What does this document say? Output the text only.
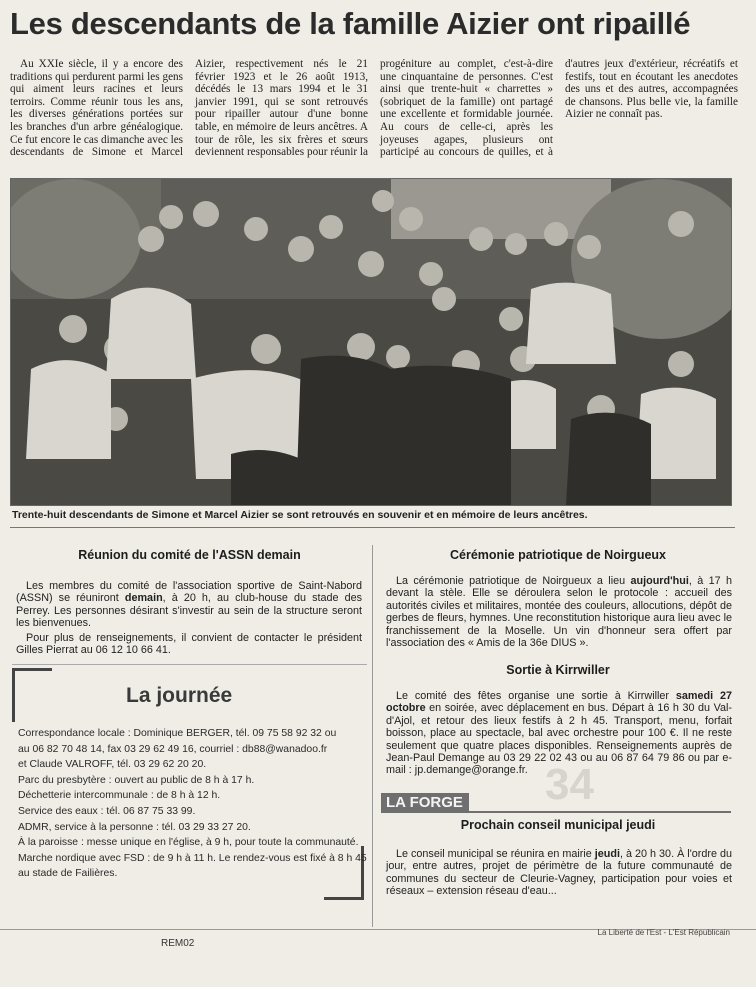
34
Les descendants de la famille Aizier ont ripaillé

Au XXIe siècle, il y a encore des traditions qui perdurent parmi les gens qui aiment leurs racines et leurs terroirs. Comme réunir tous les ans, les diverses générations portées sur les branches d'un arbre généalogique. Ce fut encore le cas dimanche avec les descendants de Simone et Marcel Aizier, respectivement nés le 21 février 1923 et le 26 août 1913, décédés le 13 mars 1994 et le 31 janvier 1991, qui se sont retrouvés pour ripailler autour d'une bonne table, en mémoire de leurs ancêtres. A tour de rôle, les six frères et sœurs deviennent responsables pour réunir la progéniture au complet, c'est-à-dire une cinquantaine de personnes. C'est ainsi que trente-huit « charrettes » (sobriquet de la famille) ont partagé une excellente et formidable journée. Au cours de celle-ci, après les joyeuses agapes, plusieurs ont participé au concours de quilles, et à d'autres jeux d'extérieur, récréatifs et festifs, tout en écoutant les anecdotes des uns et des autres, accompagnées de chansons. Plus belle vie, la famille Aizier ne connaît pas.

Trente-huit descendants de Simone et Marcel Aizier se sont retrouvés en souvenir et en mémoire de leurs ancêtres.
Réunion du comité de l'ASSN demain

Les membres du comité de l'association sportive de Saint-Nabord (ASSN) se réuniront demain, à 20 h, au club-house du stade des Perrey. Les personnes désirant s'investir au sein de la structure seront les bienvenues.

Pour plus de renseignements, il convient de contacter le président Gilles Pierrat au 06 12 10 66 41.

La journée
Correspondance locale : Dominique BERGER, tél. 09 75 58 92 32 ou
au 06 82 70 48 14, fax 03 29 62 49 16, courriel : db88@wanadoo.fr
et Claude VALROFF, tél. 03 29 62 20 20.
Parc du presbytère : ouvert au public de 8 h à 17 h.
Déchetterie intercommunale : de 8 h à 12 h.
Service des eaux : tél. 06 87 75 33 99.
ADMR, service à la personne : tél. 03 29 33 27 20.
À la paroisse : messe unique en l'église, à 9 h, pour toute la communauté.
Marche nordique avec FSD : de 9 h à 11 h. Le rendez-vous est fixé à 8 h 45
au stade de Failières.
Cérémonie patriotique de Noirgueux

La cérémonie patriotique de Noirgueux a lieu aujourd'hui, à 17 h devant la stèle. Elle se déroulera selon le protocole : accueil des autorités civiles et militaires, montée des couleurs, allocutions, dépôt de gerbes de fleurs, hymnes. Une reconstitution historique aura lieu avec le franchissement de la Moselle. Un vin d'honneur sera offert par l'association des « Amis de la 36e DIUS ».

Sortie à Kirrwiller

Le comité des fêtes organise une sortie à Kirrwiller samedi 27 octobre en soirée, avec déplacement en bus. Départ à 16 h 30 du Val-d'Ajol, et retour des lieux festifs à 2 h 45. Transport, menu, forfait boisson, place au spectacle, bal avec orchestre pour 100 €. Il ne reste seulement que quatre places disponibles. Renseignements auprès de Jean-Paul Demange au 03 29 22 02 43 ou au 06 87 64 79 86 ou par e-mail : jp.demange@orange.fr.

LA FORGE
Prochain conseil municipal jeudi

Le conseil municipal se réunira en mairie jeudi, à 20 h 30. À l'ordre du jour, entre autres, projet de périmètre de la future communauté de communes du secteur de Cleurie-Vagney, participation pour voies et réseaux – extension réseau d'eau...

REM02
La Liberté de l'Est - L'Est Républicain
